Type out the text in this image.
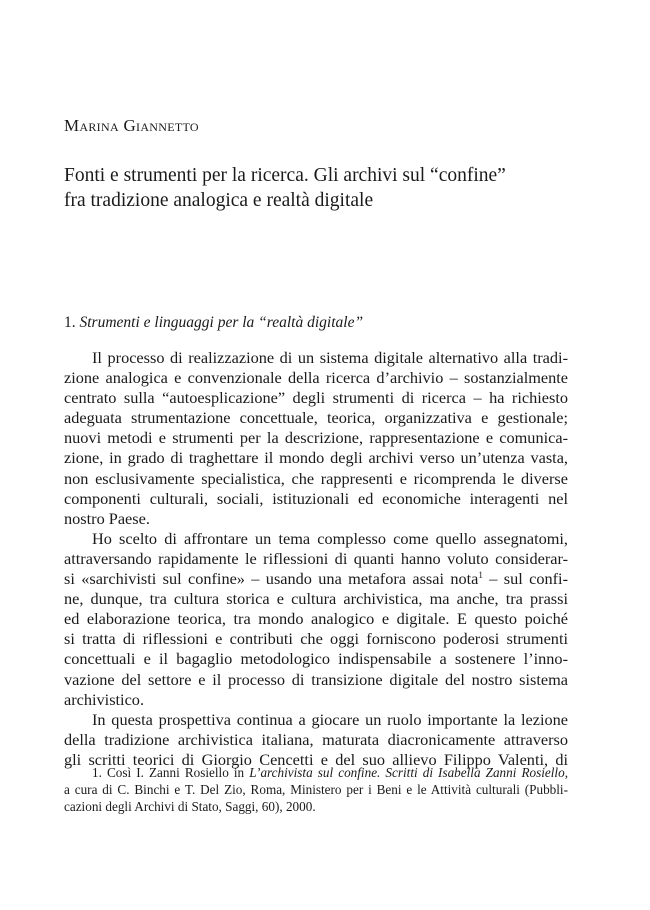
Marina Giannetto
Fonti e strumenti per la ricerca. Gli archivi sul “confine”
fra tradizione analogica e realtà digitale
1. Strumenti e linguaggi per la “realtà digitale”
Il processo di realizzazione di un sistema digitale alternativo alla tradi-
zione analogica e convenzionale della ricerca d’archivio – sostanzialmente
centrato sulla “autoesplicazione” degli strumenti di ricerca – ha richiesto
adeguata strumentazione concettuale, teorica, organizzativa e gestionale;
nuovi metodi e strumenti per la descrizione, rappresentazione e comunica-
zione, in grado di traghettare il mondo degli archivi verso un’utenza vasta,
non esclusivamente specialistica, che rappresenti e ricomprenda le diverse
componenti culturali, sociali, istituzionali ed economiche interagenti nel
nostro Paese.
Ho scelto di affrontare un tema complesso come quello assegnatomi,
attraversando rapidamente le riflessioni di quanti hanno voluto considerar-
si «sarchivisti sul confine» – usando una metafora assai nota$^1$ – sul confi-
ne, dunque, tra cultura storica e cultura archivistica, ma anche, tra prassi
ed elaborazione teorica, tra mondo analogico e digitale. E questo poiché
si tratta di riflessioni e contributi che oggi forniscono poderosi strumenti
concettuali e il bagaglio metodologico indispensabile a sostenere l’inno-
vazione del settore e il processo di transizione digitale del nostro sistema
archivistico.
In questa prospettiva continua a giocare un ruolo importante la lezione
della tradizione archivistica italiana, maturata diacronicamente attraverso
gli scritti teorici di Giorgio Cencetti e del suo allievo Filippo Valenti, di
1. Così I. Zanni Rosiello in L’archivista sul confine. Scritti di Isabella Zanni Rosiello,
a cura di C. Binchi e T. Del Zio, Roma, Ministero per i Beni e le Attività culturali (Pubbli-
cazioni degli Archivi di Stato, Saggi, 60), 2000.
